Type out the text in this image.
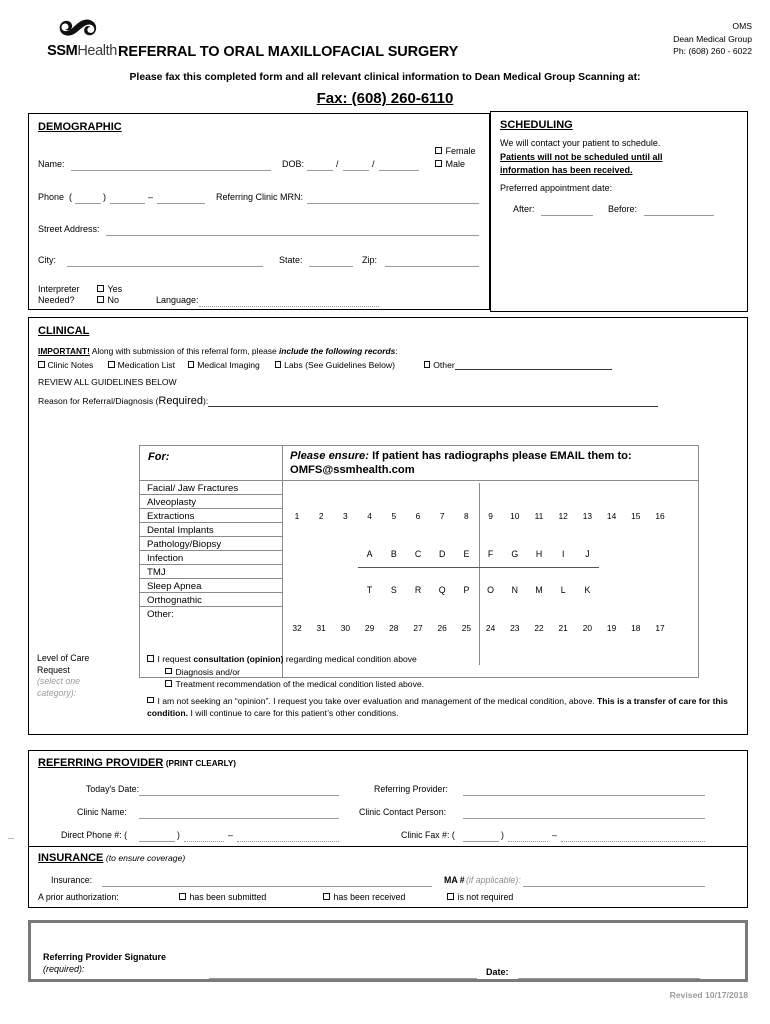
SSMHealth REFERRAL TO ORAL MAXILLOFACIAL SURGERY
OMS
Dean Medical Group
Ph: (608) 260 - 6022
Please fax this completed form and all relevant clinical information to Dean Medical Group Scanning at:
Fax: (608) 260-6110
DEMOGRAPHIC
Name:	DOB:	/	/
Female
Male
Phone (	)	–	Referring Clinic MRN:
Street Address:
City:	State:	Zip:
Interpreter
Needed?
Yes
No	Language:
SCHEDULING
We will contact your patient to schedule.
Patients will not be scheduled until all
information has been received.
Preferred appointment date:
After:	Before:
CLINICAL
IMPORTANT! Along with submission of this referral form, please include the following records:
Clinic Notes	Medication List	Medical Imaging	Labs (See Guidelines Below)	Other
REVIEW ALL GUIDELINES BELOW
Reason for Referral/Diagnosis (Required):
For:	Please ensure: If patient has radiographs please EMAIL them to: OMFS@ssmhealth.com
Facial/ Jaw Fractures
Alveoplasty
Extractions
Dental Implants
Pathology/Biopsy
Infection
TMJ
Sleep Apnea
Orthognathic
Other:
1	2	3	4	5	6	7	8	9	10	11	12	13	14	15	16
A	B	C	D	E	F	G	H	I	J
T	S	R	Q	P	O	N	M	L	K
32	31	30	29	28	27	26	25	24	23	22	21	20	19	18	17
Level of Care
Request
(select one
category):

I request consultation (opinion) regarding medical condition above

Diagnosis and/or

Treatment recommendation of the medical condition listed above.

I am not seeking an “opinion”. I request you take over evaluation and management of the medical condition, above. This is a transfer of care for this condition. I will continue to care for this patient’s other conditions.

REFERRING PROVIDER (PRINT CLEARLY)
Today's Date:	Referring Provider:
Clinic Name:	Clinic Contact Person:
Direct Phone #: (	)	–	Clinic Fax #: (	)	–
INSURANCE (to ensure coverage)
Insurance:	MA # (if applicable):
A prior authorization:	has been submitted	has been received	is not required
Referring Provider Signature
(required):	Date:
Revised 10/17/2018
